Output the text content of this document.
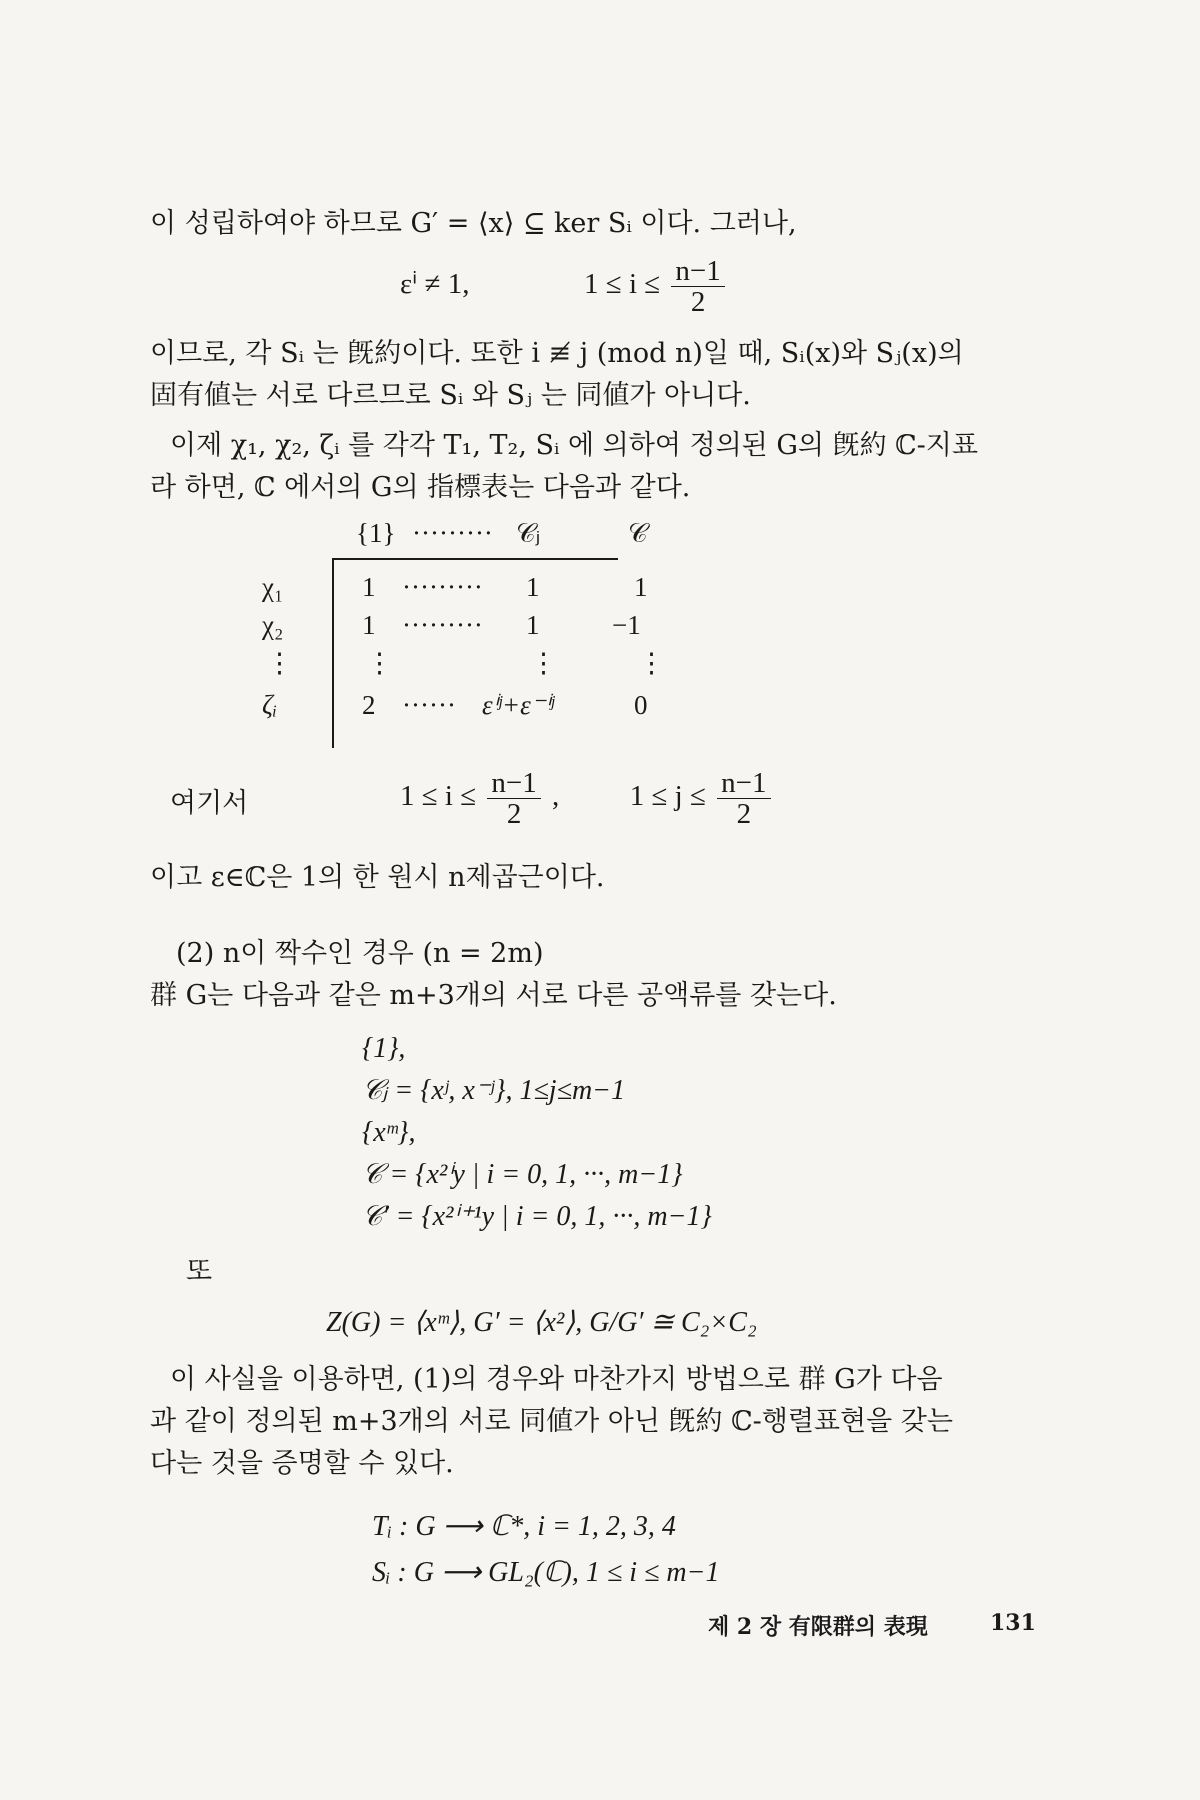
이 성립하여야 하므로 G′ = ⟨x⟩ ⊆ ker Sᵢ 이다. 그러나,
εⁱ ≠ 1,	$1 \le i \le \frac{n-1}{2}$
이므로, 각 Sᵢ 는 旣約이다. 또한 i ≢ j (mod n)일 때, Sᵢ(x)와 Sⱼ(x)의
固有値는 서로 다르므로 Sᵢ 와 Sⱼ 는 同値가 아니다.
이제 χ₁, χ₂, ζᵢ 를 각각 T₁, T₂, Sᵢ 에 의하여 정의된 G의 旣約 ℂ-지표
라 하면, ℂ 에서의 G의 指標表는 다음과 같다.
{1} ········· 𝒞ⱼ	𝒞
χ₁	1 ········· 1	1
χ₂	1 ········· 1	−1
⋮	⋮	⋮	⋮
ζᵢ	2 ······ εⁱʲ+ε⁻ⁱʲ	0
여기서	$1 \le i \le \frac{n-1}{2}$ , $1 \le j \le \frac{n-1}{2}$
이고 ε∈ℂ은 1의 한 원시 n제곱근이다.
(2) n이 짝수인 경우 (n = 2m)
群 G는 다음과 같은 m+3개의 서로 다른 공액류를 갖는다.
{1},
𝒞ⱼ = {xʲ, x⁻ʲ}, 1≤j≤m−1
{xᵐ},
𝒞 = {x²ⁱy | i = 0, 1, ···, m−1}
𝒞′ = {x²ⁱ⁺¹y | i = 0, 1, ···, m−1}
또
Z(G) = ⟨xᵐ⟩, G′ = ⟨x²⟩, G/G′ ≅ C₂×C₂
이 사실을 이용하면, (1)의 경우와 마찬가지 방법으로 群 G가 다음
과 같이 정의된 m+3개의 서로 同値가 아닌 旣約 ℂ-행렬표현을 갖는
다는 것을 증명할 수 있다.
Tᵢ : G ⟶ ℂ*, i = 1, 2, 3, 4
Sᵢ : G ⟶ GL₂(ℂ), 1 ≤ i ≤ m−1
제 2 장 有限群의 表現	131
